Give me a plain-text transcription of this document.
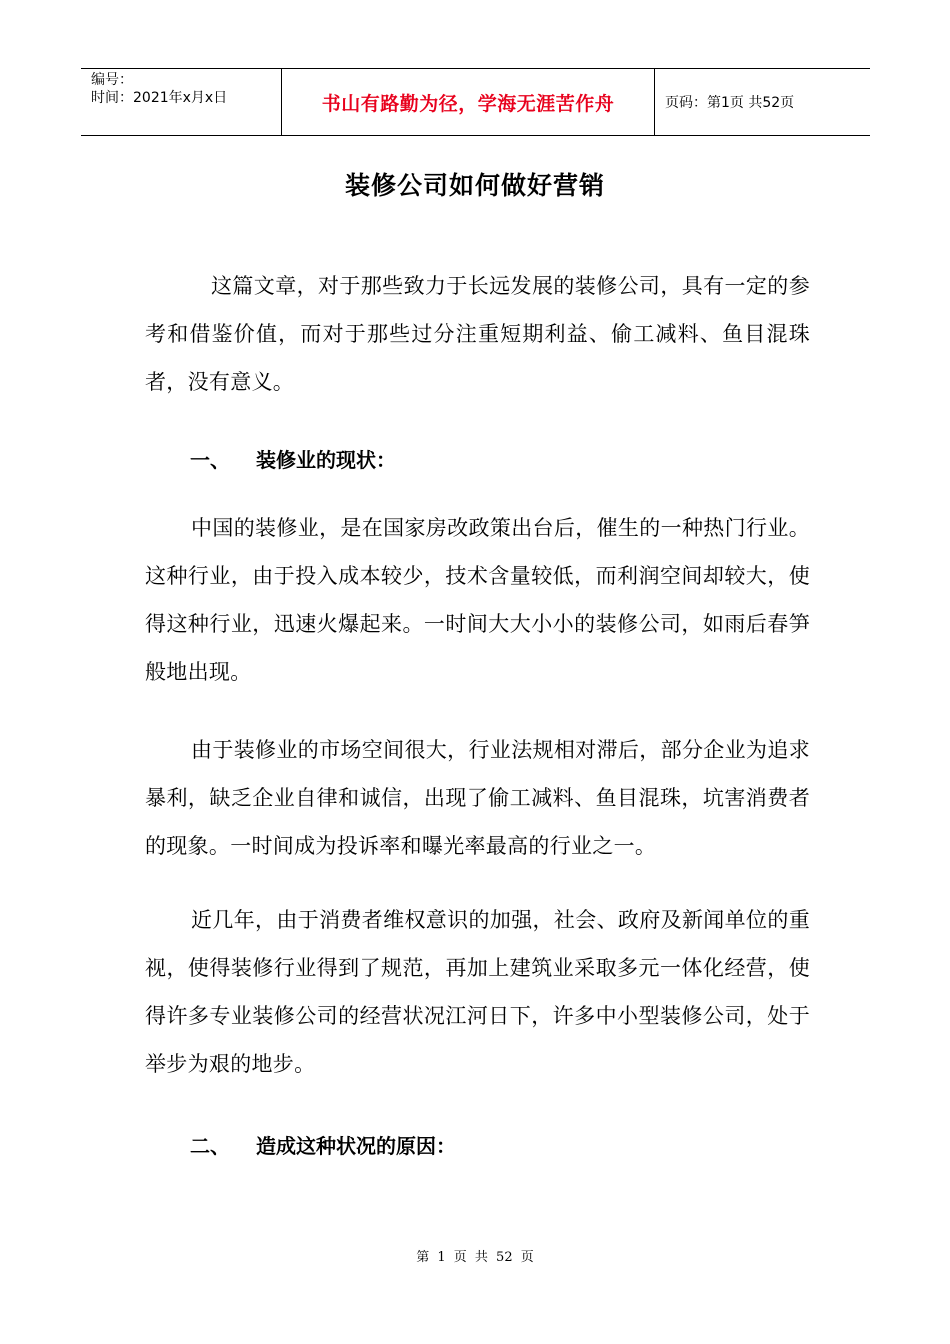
编号：
时间：2021年x月x日	书山有路勤为径，学海无涯苦作舟	页码：第1页 共52页
装修公司如何做好营销
这篇文章，对于那些致力于长远发展的装修公司，具有一定的参考和借鉴价值，而对于那些过分注重短期利益、偷工减料、鱼目混珠者，没有意义。
一、 装修业的现状：
中国的装修业，是在国家房改政策出台后，催生的一种热门行业。这种行业，由于投入成本较少，技术含量较低，而利润空间却较大，使得这种行业，迅速火爆起来。一时间大大小小的装修公司，如雨后春笋般地出现。
由于装修业的市场空间很大，行业法规相对滞后，部分企业为追求暴利，缺乏企业自律和诚信，出现了偷工减料、鱼目混珠，坑害消费者的现象。一时间成为投诉率和曝光率最高的行业之一。
近几年，由于消费者维权意识的加强，社会、政府及新闻单位的重视，使得装修行业得到了规范，再加上建筑业采取多元一体化经营，使得许多专业装修公司的经营状况江河日下，许多中小型装修公司，处于举步为艰的地步。
二、 造成这种状况的原因：
第 1 页 共 52 页
